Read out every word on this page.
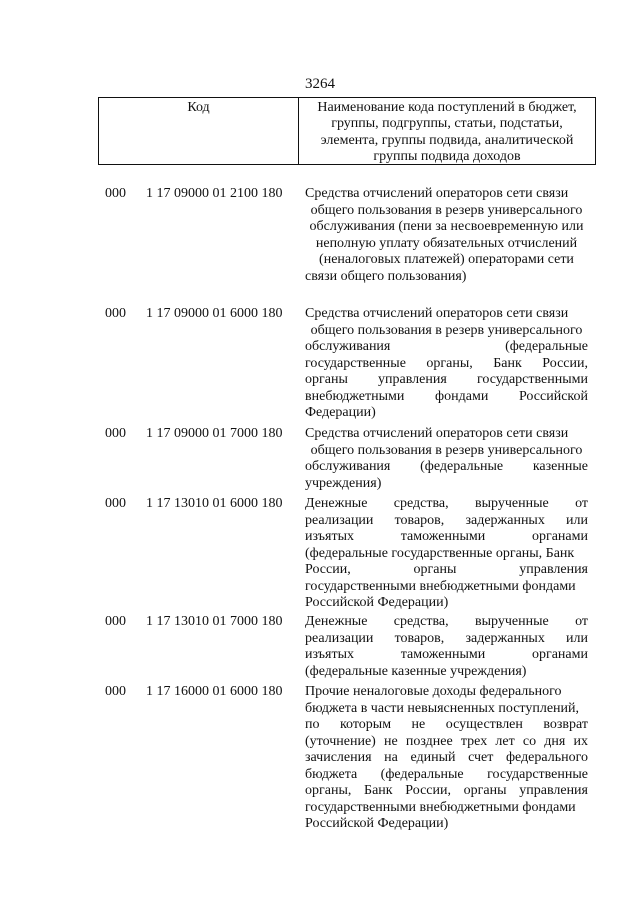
3264
Код	Наименование кода поступлений в бюджет,
группы, подгруппы, статьи, подстатьи,
элемента, группы подвида, аналитической
группы подвида доходов
000 1 17 09000 01 2100 180 Средства отчислений операторов сети связи
общего пользования в резерв универсального
обслуживания (пени за несвоевременную или
неполную уплату обязательных отчислений
(неналоговых платежей) операторами сети
связи общего пользования)
000 1 17 09000 01 6000 180 Средства отчислений операторов сети связи
общего пользования в резерв универсального
обслуживания (федеральные
государственные органы, Банк России,
органы управления государственными
внебюджетными фондами Российской
Федерации)
000 1 17 09000 01 7000 180 Средства отчислений операторов сети связи
общего пользования в резерв универсального
обслуживания (федеральные казенные
учреждения)
000 1 17 13010 01 6000 180 Денежные средства, вырученные от
реализации товаров, задержанных или
изъятых таможенными органами
(федеральные государственные органы, Банк
России, органы управления
государственными внебюджетными фондами
Российской Федерации)
000 1 17 13010 01 7000 180 Денежные средства, вырученные от
реализации товаров, задержанных или
изъятых таможенными органами
(федеральные казенные учреждения)
000 1 17 16000 01 6000 180 Прочие неналоговые доходы федерального
бюджета в части невыясненных поступлений,
по которым не осуществлен возврат
(уточнение) не позднее трех лет со дня их
зачисления на единый счет федерального
бюджета (федеральные государственные
органы, Банк России, органы управления
государственными внебюджетными фондами
Российской Федерации)
